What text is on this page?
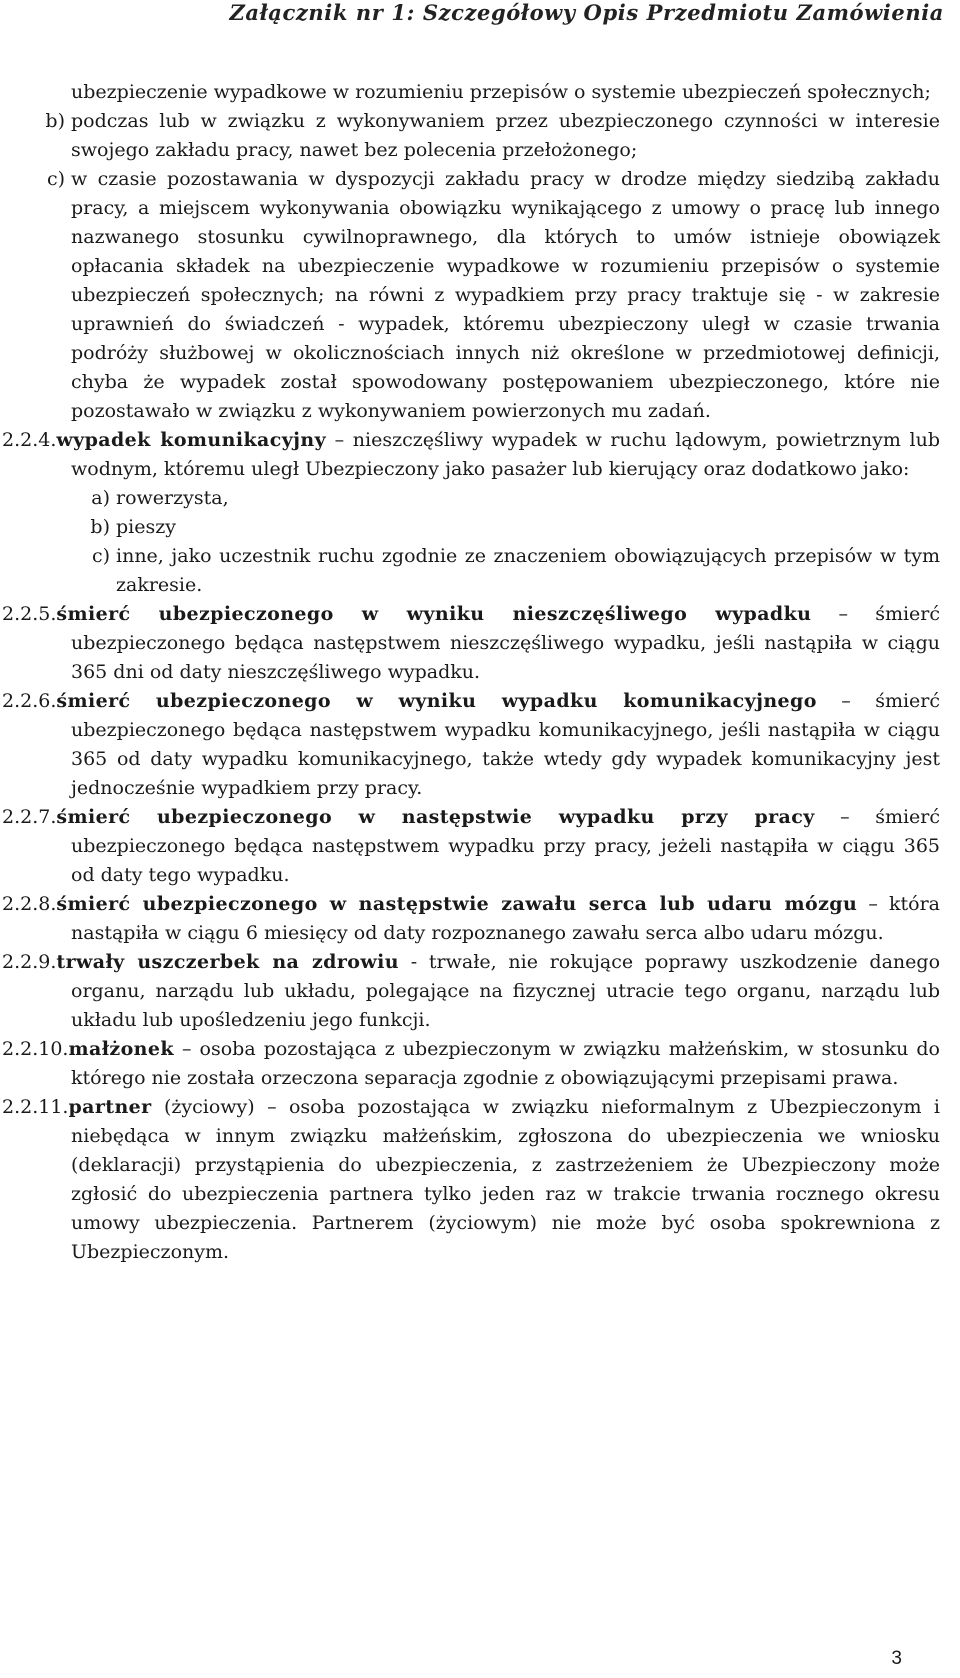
Załącznik nr 1: Szczegółowy Opis Przedmiotu Zamówienia

ubezpieczenie wypadkowe w rozumieniu przepisów o systemie ubezpieczeń społecznych;

b) podczas lub w związku z wykonywaniem przez ubezpieczonego czynności w interesie swojego zakładu pracy, nawet bez polecenia przełożonego;
c) w czasie pozostawania w dyspozycji zakładu pracy w drodze między siedzibą zakładu pracy, a miejscem wykonywania obowiązku wynikającego z umowy o pracę lub innego nazwanego stosunku cywilnoprawnego, dla których to umów istnieje obowiązek opłacania składek na ubezpieczenie wypadkowe w rozumieniu przepisów o systemie ubezpieczeń społecznych; na równi z wypadkiem przy pracy traktuje się - w zakresie uprawnień do świadczeń - wypadek, któremu ubezpieczony uległ w czasie trwania podróży służbowej w okolicznościach innych niż określone w przedmiotowej definicji, chyba że wypadek został spowodowany postępowaniem ubezpieczonego, które nie pozostawało w związku z wykonywaniem powierzonych mu zadań.

2.2.4.wypadek komunikacyjny – nieszczęśliwy wypadek w ruchu lądowym, powietrznym lub wodnym, któremu uległ Ubezpieczony jako pasażer lub kierujący oraz dodatkowo jako:

a) rowerzysta,
b) pieszy
c) inne, jako uczestnik ruchu zgodnie ze znaczeniem obowiązujących przepisów w tym zakresie.

2.2.5.śmierć ubezpieczonego w wyniku nieszczęśliwego wypadku – śmierć ubezpieczonego będąca następstwem nieszczęśliwego wypadku, jeśli nastąpiła w ciągu 365 dni od daty nieszczęśliwego wypadku.

2.2.6.śmierć ubezpieczonego w wyniku wypadku komunikacyjnego – śmierć ubezpieczonego będąca następstwem wypadku komunikacyjnego, jeśli nastąpiła w ciągu 365 od daty wypadku komunikacyjnego, także wtedy gdy wypadek komunikacyjny jest jednocześnie wypadkiem przy pracy.

2.2.7.śmierć ubezpieczonego w następstwie wypadku przy pracy – śmierć ubezpieczonego będąca następstwem wypadku przy pracy, jeżeli nastąpiła w ciągu 365 od daty tego wypadku.

2.2.8.śmierć ubezpieczonego w następstwie zawału serca lub udaru mózgu – która nastąpiła w ciągu 6 miesięcy od daty rozpoznanego zawału serca albo udaru mózgu.

2.2.9.trwały uszczerbek na zdrowiu - trwałe, nie rokujące poprawy uszkodzenie danego organu, narządu lub układu, polegające na fizycznej utracie tego organu, narządu lub układu lub upośledzeniu jego funkcji.

2.2.10.małżonek – osoba pozostająca z ubezpieczonym w związku małżeńskim, w stosunku do którego nie została orzeczona separacja zgodnie z obowiązującymi przepisami prawa.

2.2.11.partner (życiowy) – osoba pozostająca w związku nieformalnym z Ubezpieczonym i niebędąca w innym związku małżeńskim, zgłoszona do ubezpieczenia we wniosku (deklaracji) przystąpienia do ubezpieczenia, z zastrzeżeniem że Ubezpieczony może zgłosić do ubezpieczenia partnera tylko jeden raz w trakcie trwania rocznego okresu umowy ubezpieczenia. Partnerem (życiowym) nie może być osoba spokrewniona z Ubezpieczonym.

3
